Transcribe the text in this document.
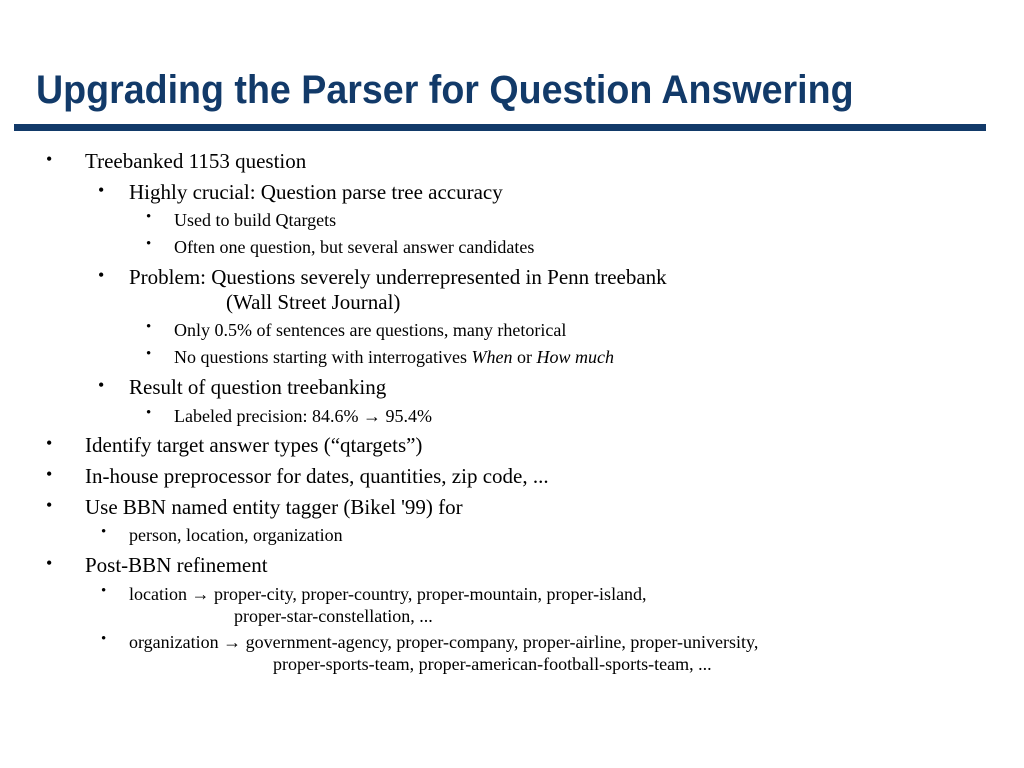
Upgrading the Parser for Question Answering
• Treebanked 1153 question
• Highly crucial: Question parse tree accuracy
• Used to build Qtargets
• Often one question, but several answer candidates
• Problem: Questions severely underrepresented in Penn treebank
(Wall Street Journal)
• Only 0.5% of sentences are questions, many rhetorical
• No questions starting with interrogatives When or How much
• Result of question treebanking
• Labeled precision: 84.6% → 95.4%
• Identify target answer types (“qtargets”)
• In-house preprocessor for dates, quantities, zip code, ...
• Use BBN named entity tagger (Bikel '99) for
• person, location, organization
• Post-BBN refinement
• location → proper-city, proper-country, proper-mountain, proper-island,
proper-star-constellation, ...
• organization → government-agency, proper-company, proper-airline, proper-university,
proper-sports-team, proper-american-football-sports-team, ...
